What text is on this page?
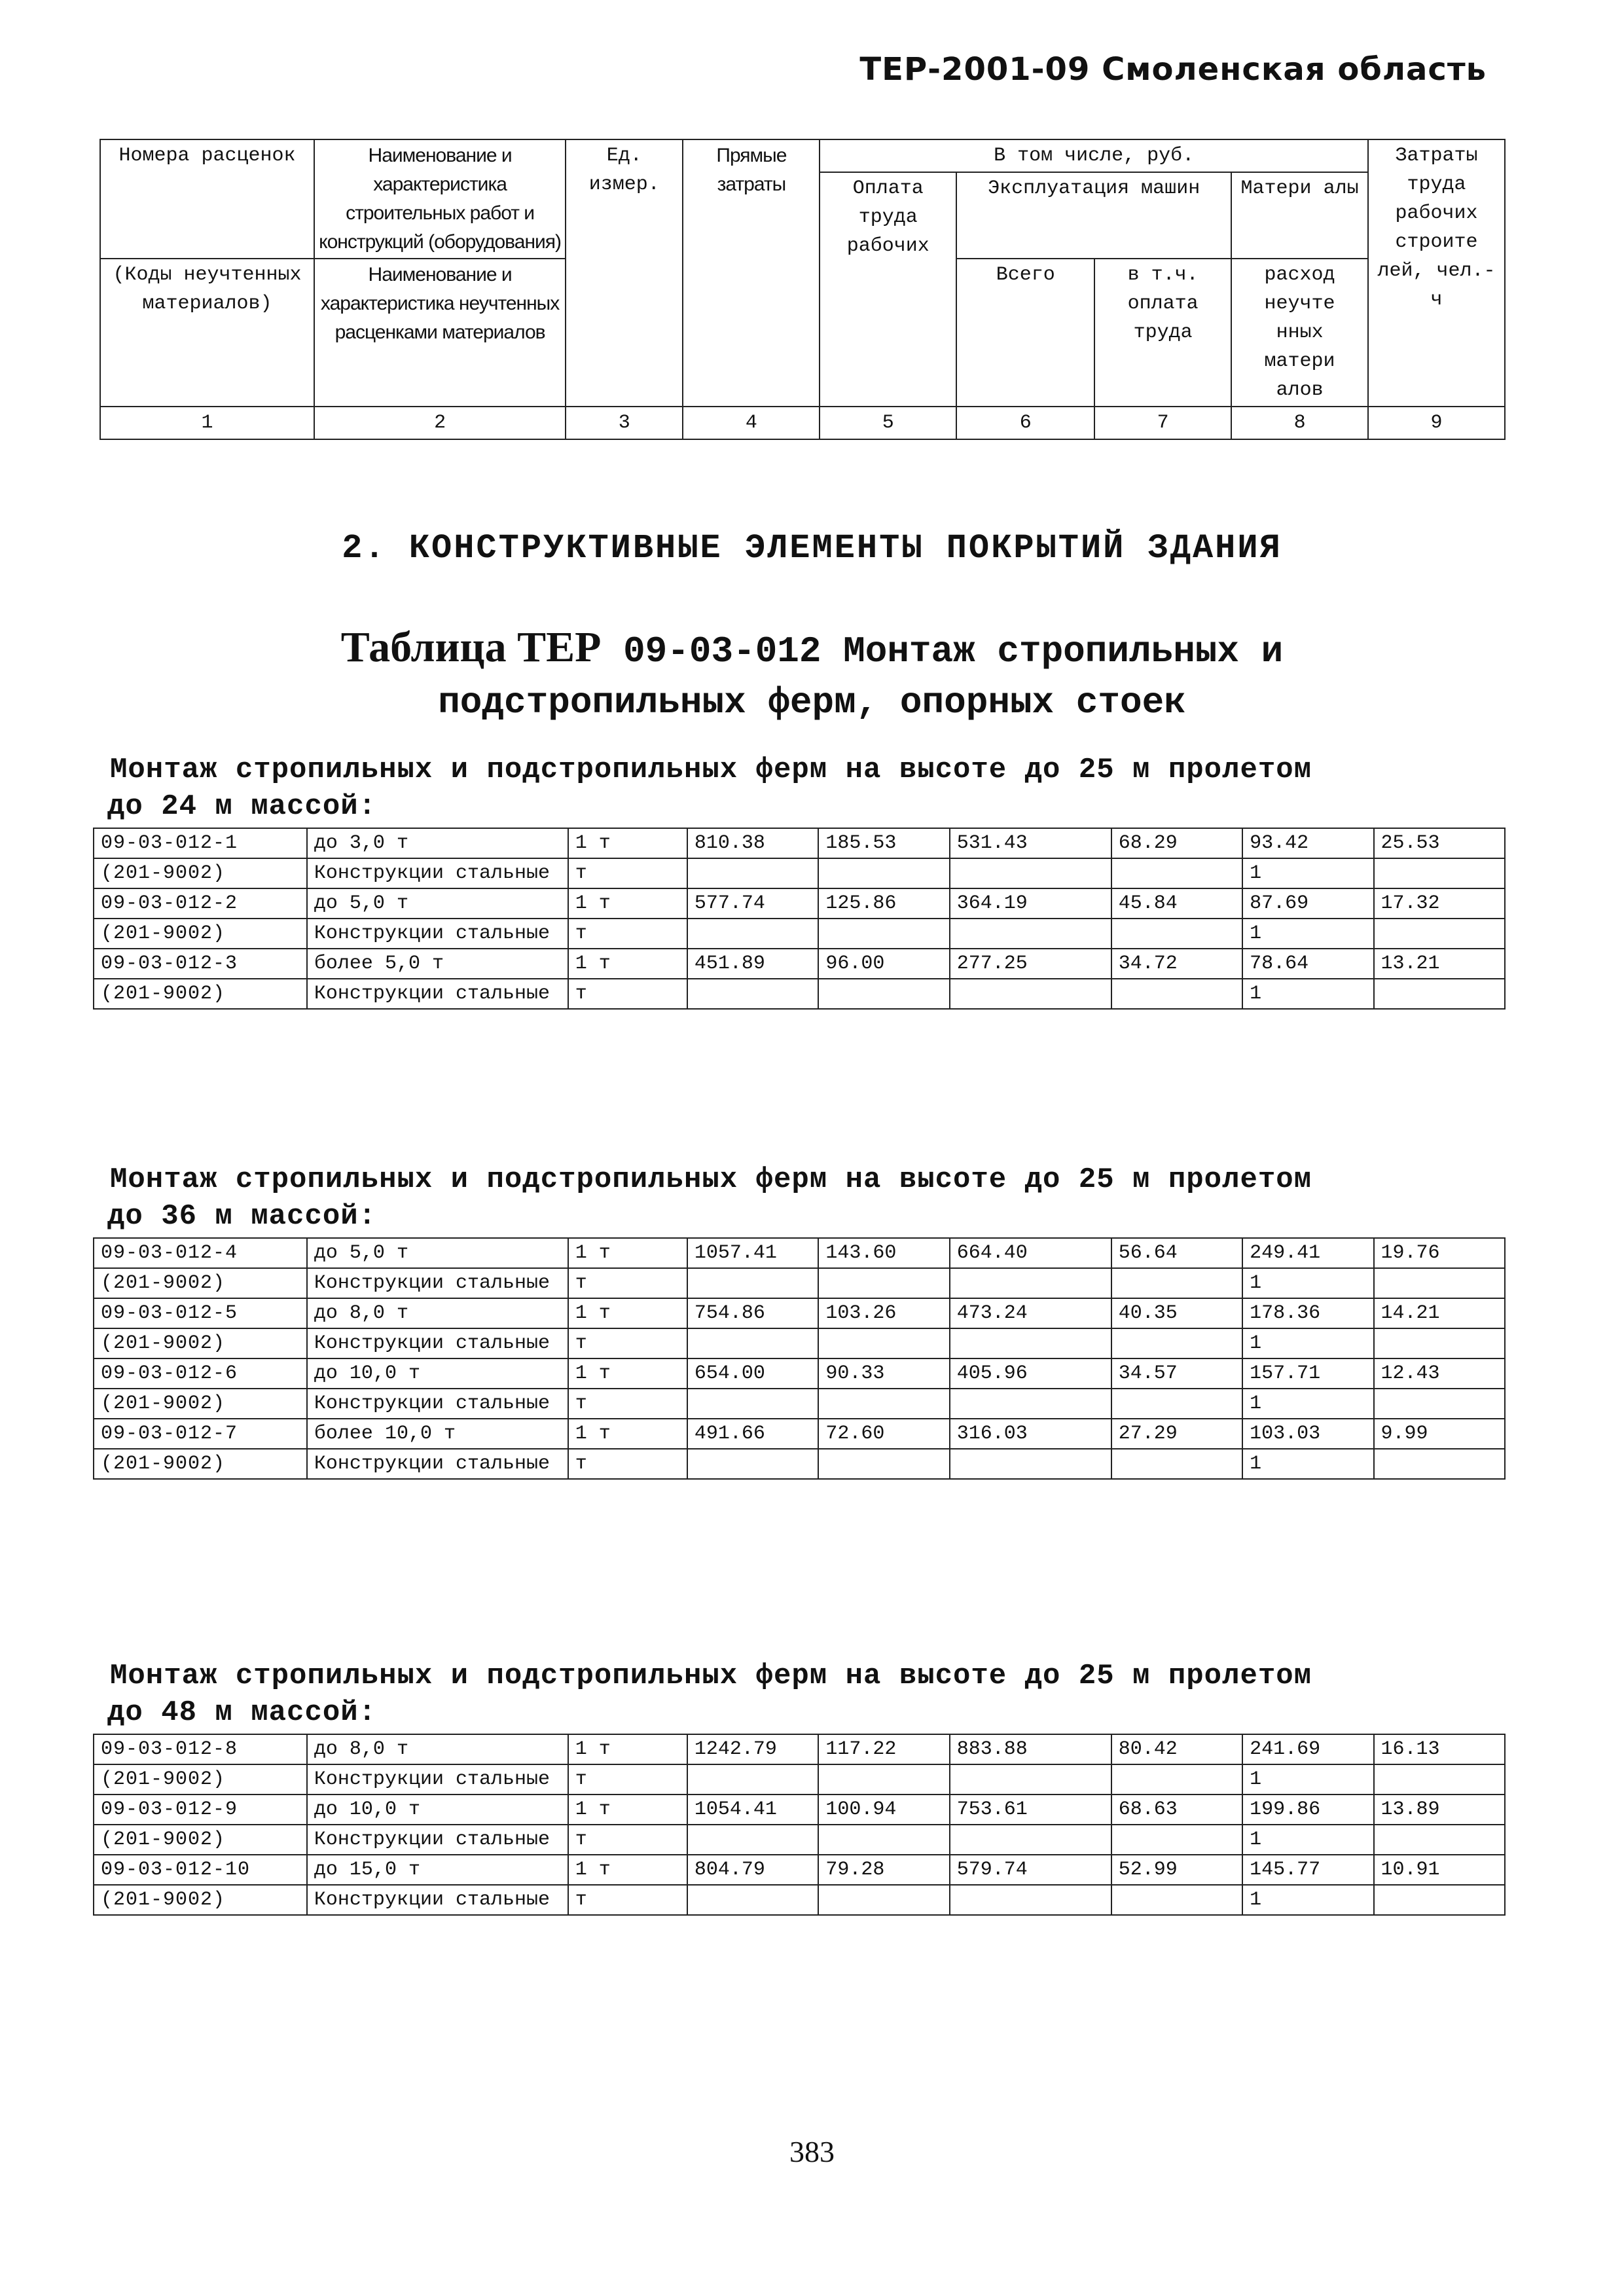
ТЕР-2001-09 Смоленская область
Номера расценок	Наименование и характеристика строительных работ и конструкций (оборудования)	Ед. измер.	Прямые затраты	В том числе, руб.				Затраты труда рабочих строите лей, чел.-ч
				Оплата труда рабочих	Эксплуатация машин		Матери алы	
(Коды неучтенных материалов)	Наименование и характеристика неучтенных расценками материалов				Всего	в т.ч. оплата труда	расход неучте нных матери алов	
1	2	3	4	5	6	7	8	9
2. КОНСТРУКТИВНЫЕ ЭЛЕМЕНТЫ ПОКРЫТИЙ ЗДАНИЯ
Таблица ТЕР 09-03-012 Монтаж стропильных и
подстропильных ферм, опорных стоек
Монтаж стропильных и подстропильных ферм на высоте до 25 м пролетом
до 24 м массой:
09-03-012-1	до 3,0 т	1 т	810.38	185.53	531.43	68.29	93.42	25.53
(201-9002)	Конструкции стальные	т					1	
09-03-012-2	до 5,0 т	1 т	577.74	125.86	364.19	45.84	87.69	17.32
(201-9002)	Конструкции стальные	т					1	
09-03-012-3	более 5,0 т	1 т	451.89	96.00	277.25	34.72	78.64	13.21
(201-9002)	Конструкции стальные	т					1	
Монтаж стропильных и подстропильных ферм на высоте до 25 м пролетом
до 36 м массой:
09-03-012-4	до 5,0 т	1 т	1057.41	143.60	664.40	56.64	249.41	19.76
(201-9002)	Конструкции стальные	т					1	
09-03-012-5	до 8,0 т	1 т	754.86	103.26	473.24	40.35	178.36	14.21
(201-9002)	Конструкции стальные	т					1	
09-03-012-6	до 10,0 т	1 т	654.00	90.33	405.96	34.57	157.71	12.43
(201-9002)	Конструкции стальные	т					1	
09-03-012-7	более 10,0 т	1 т	491.66	72.60	316.03	27.29	103.03	9.99
(201-9002)	Конструкции стальные	т					1	
Монтаж стропильных и подстропильных ферм на высоте до 25 м пролетом
до 48 м массой:
09-03-012-8	до 8,0 т	1 т	1242.79	117.22	883.88	80.42	241.69	16.13
(201-9002)	Конструкции стальные	т					1	
09-03-012-9	до 10,0 т	1 т	1054.41	100.94	753.61	68.63	199.86	13.89
(201-9002)	Конструкции стальные	т					1	
09-03-012-10	до 15,0 т	1 т	804.79	79.28	579.74	52.99	145.77	10.91
(201-9002)	Конструкции стальные	т					1	
383
